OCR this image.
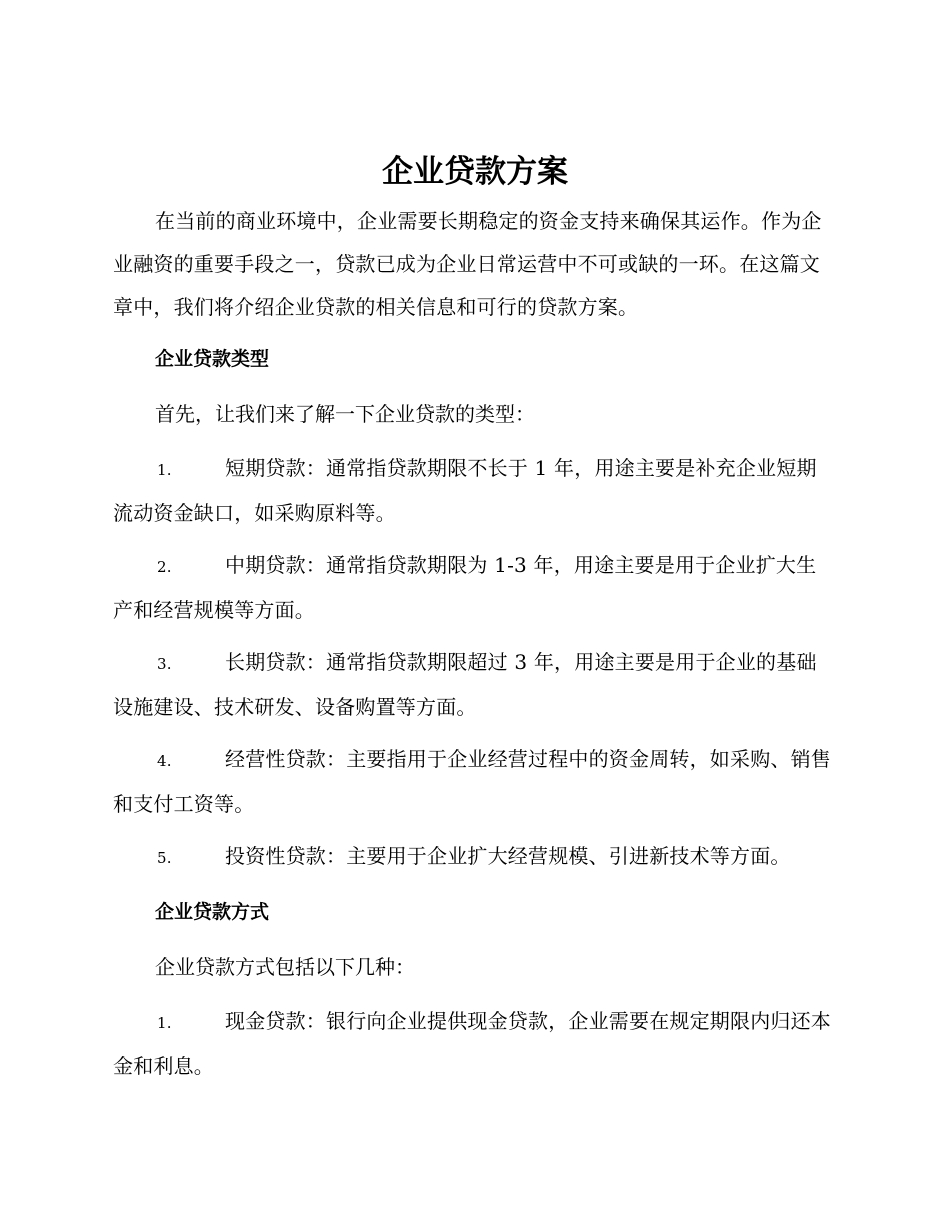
企业贷款方案

在当前的商业环境中，企业需要长期稳定的资金支持来确保其运作。作为企业融资的重要手段之一，贷款已成为企业日常运营中不可或缺的一环。在这篇文章中，我们将介绍企业贷款的相关信息和可行的贷款方案。

企业贷款类型

首先，让我们来了解一下企业贷款的类型：

1.	短期贷款：通常指贷款期限不长于 1 年，用途主要是补充企业短期流动资金缺口，如采购原料等。

2.	中期贷款：通常指贷款期限为 1-3 年，用途主要是用于企业扩大生产和经营规模等方面。

3.	长期贷款：通常指贷款期限超过 3 年，用途主要是用于企业的基础设施建设、技术研发、设备购置等方面。

4.	经营性贷款：主要指用于企业经营过程中的资金周转，如采购、销售和支付工资等。

5.	投资性贷款：主要用于企业扩大经营规模、引进新技术等方面。

企业贷款方式

企业贷款方式包括以下几种：

1.	现金贷款：银行向企业提供现金贷款，企业需要在规定期限内归还本金和利息。
